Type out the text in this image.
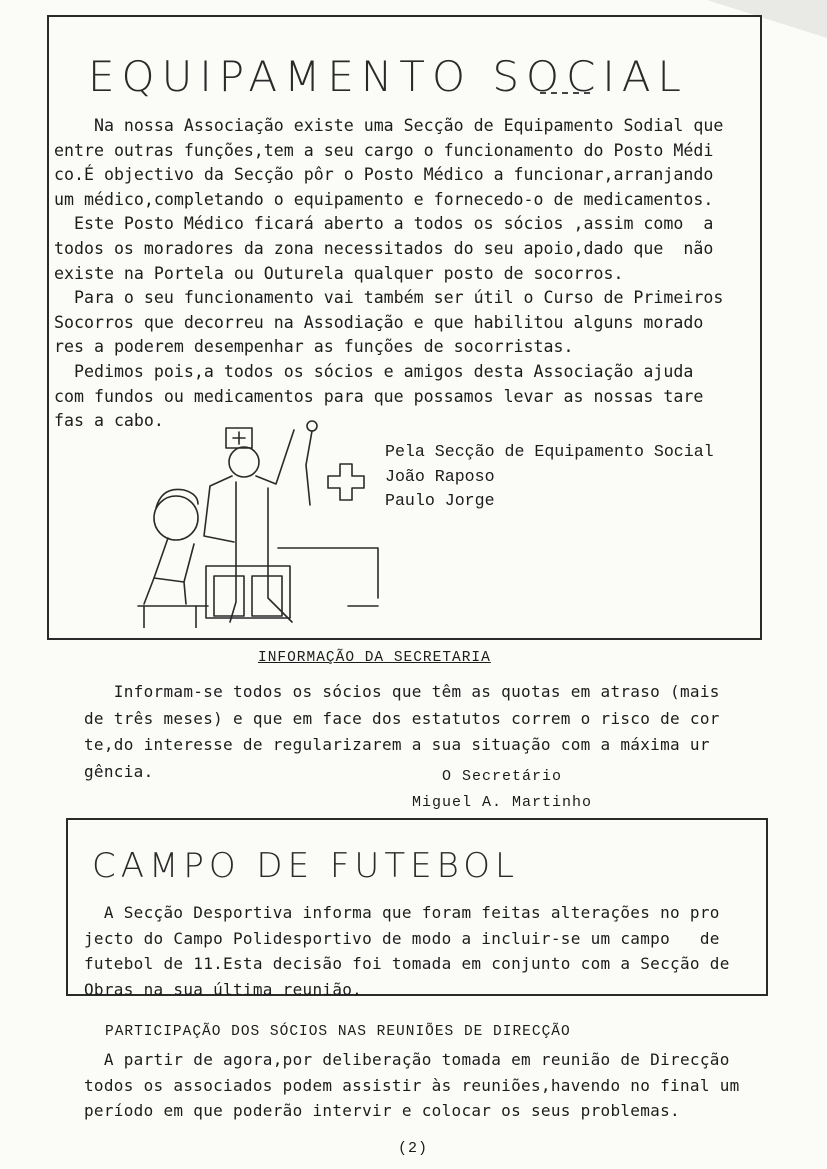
EQUIPAMENTO SOCIAL
Na nossa Associação existe uma Secção de Equipamento Sodial que
entre outras funções,tem a seu cargo o funcionamento do Posto Médi
co.É objectivo da Secção pôr o Posto Médico a funcionar,arranjando
um médico,completando o equipamento e fornecedo-o de medicamentos.
Este Posto Médico ficará aberto a todos os sócios ,assim como  a
todos os moradores da zona necessitados do seu apoio,dado que  não
existe na Portela ou Outurela qualquer posto de socorros.
Para o seu funcionamento vai também ser útil o Curso de Primeiros
Socorros que decorreu na Assodiação e que habilitou alguns morado
res a poderem desempenhar as funções de socorristas.
Pedimos pois,a todos os sócios e amigos desta Associação ajuda
com fundos ou medicamentos para que possamos levar as nossas tare
fas a cabo.
Pela Secção de Equipamento Social
João Raposo
Paulo Jorge
INFORMAÇÃO DA SECRETARIA
Informam-se todos os sócios que têm as quotas em atraso (mais
de três meses) e que em face dos estatutos correm o risco de cor
te,do interesse de regularizarem a sua situação com a máxima ur
gência.	O Secretário
Miguel A. Martinho
CAMPO DE FUTEBOL
A Secção Desportiva informa que foram feitas alterações no pro
jecto do Campo Polidesportivo de modo a incluir-se um campo   de
futebol de 11.Esta decisão foi tomada em conjunto com a Secção de
Obras na sua última reunião.
PARTICIPAÇÃO DOS SÓCIOS NAS REUNIÕES DE DIRECÇÃO
A partir de agora,por deliberação tomada em reunião de Direcção
todos os associados podem assistir às reuniões,havendo no final um
período em que poderão intervir e colocar os seus problemas.
(2)
